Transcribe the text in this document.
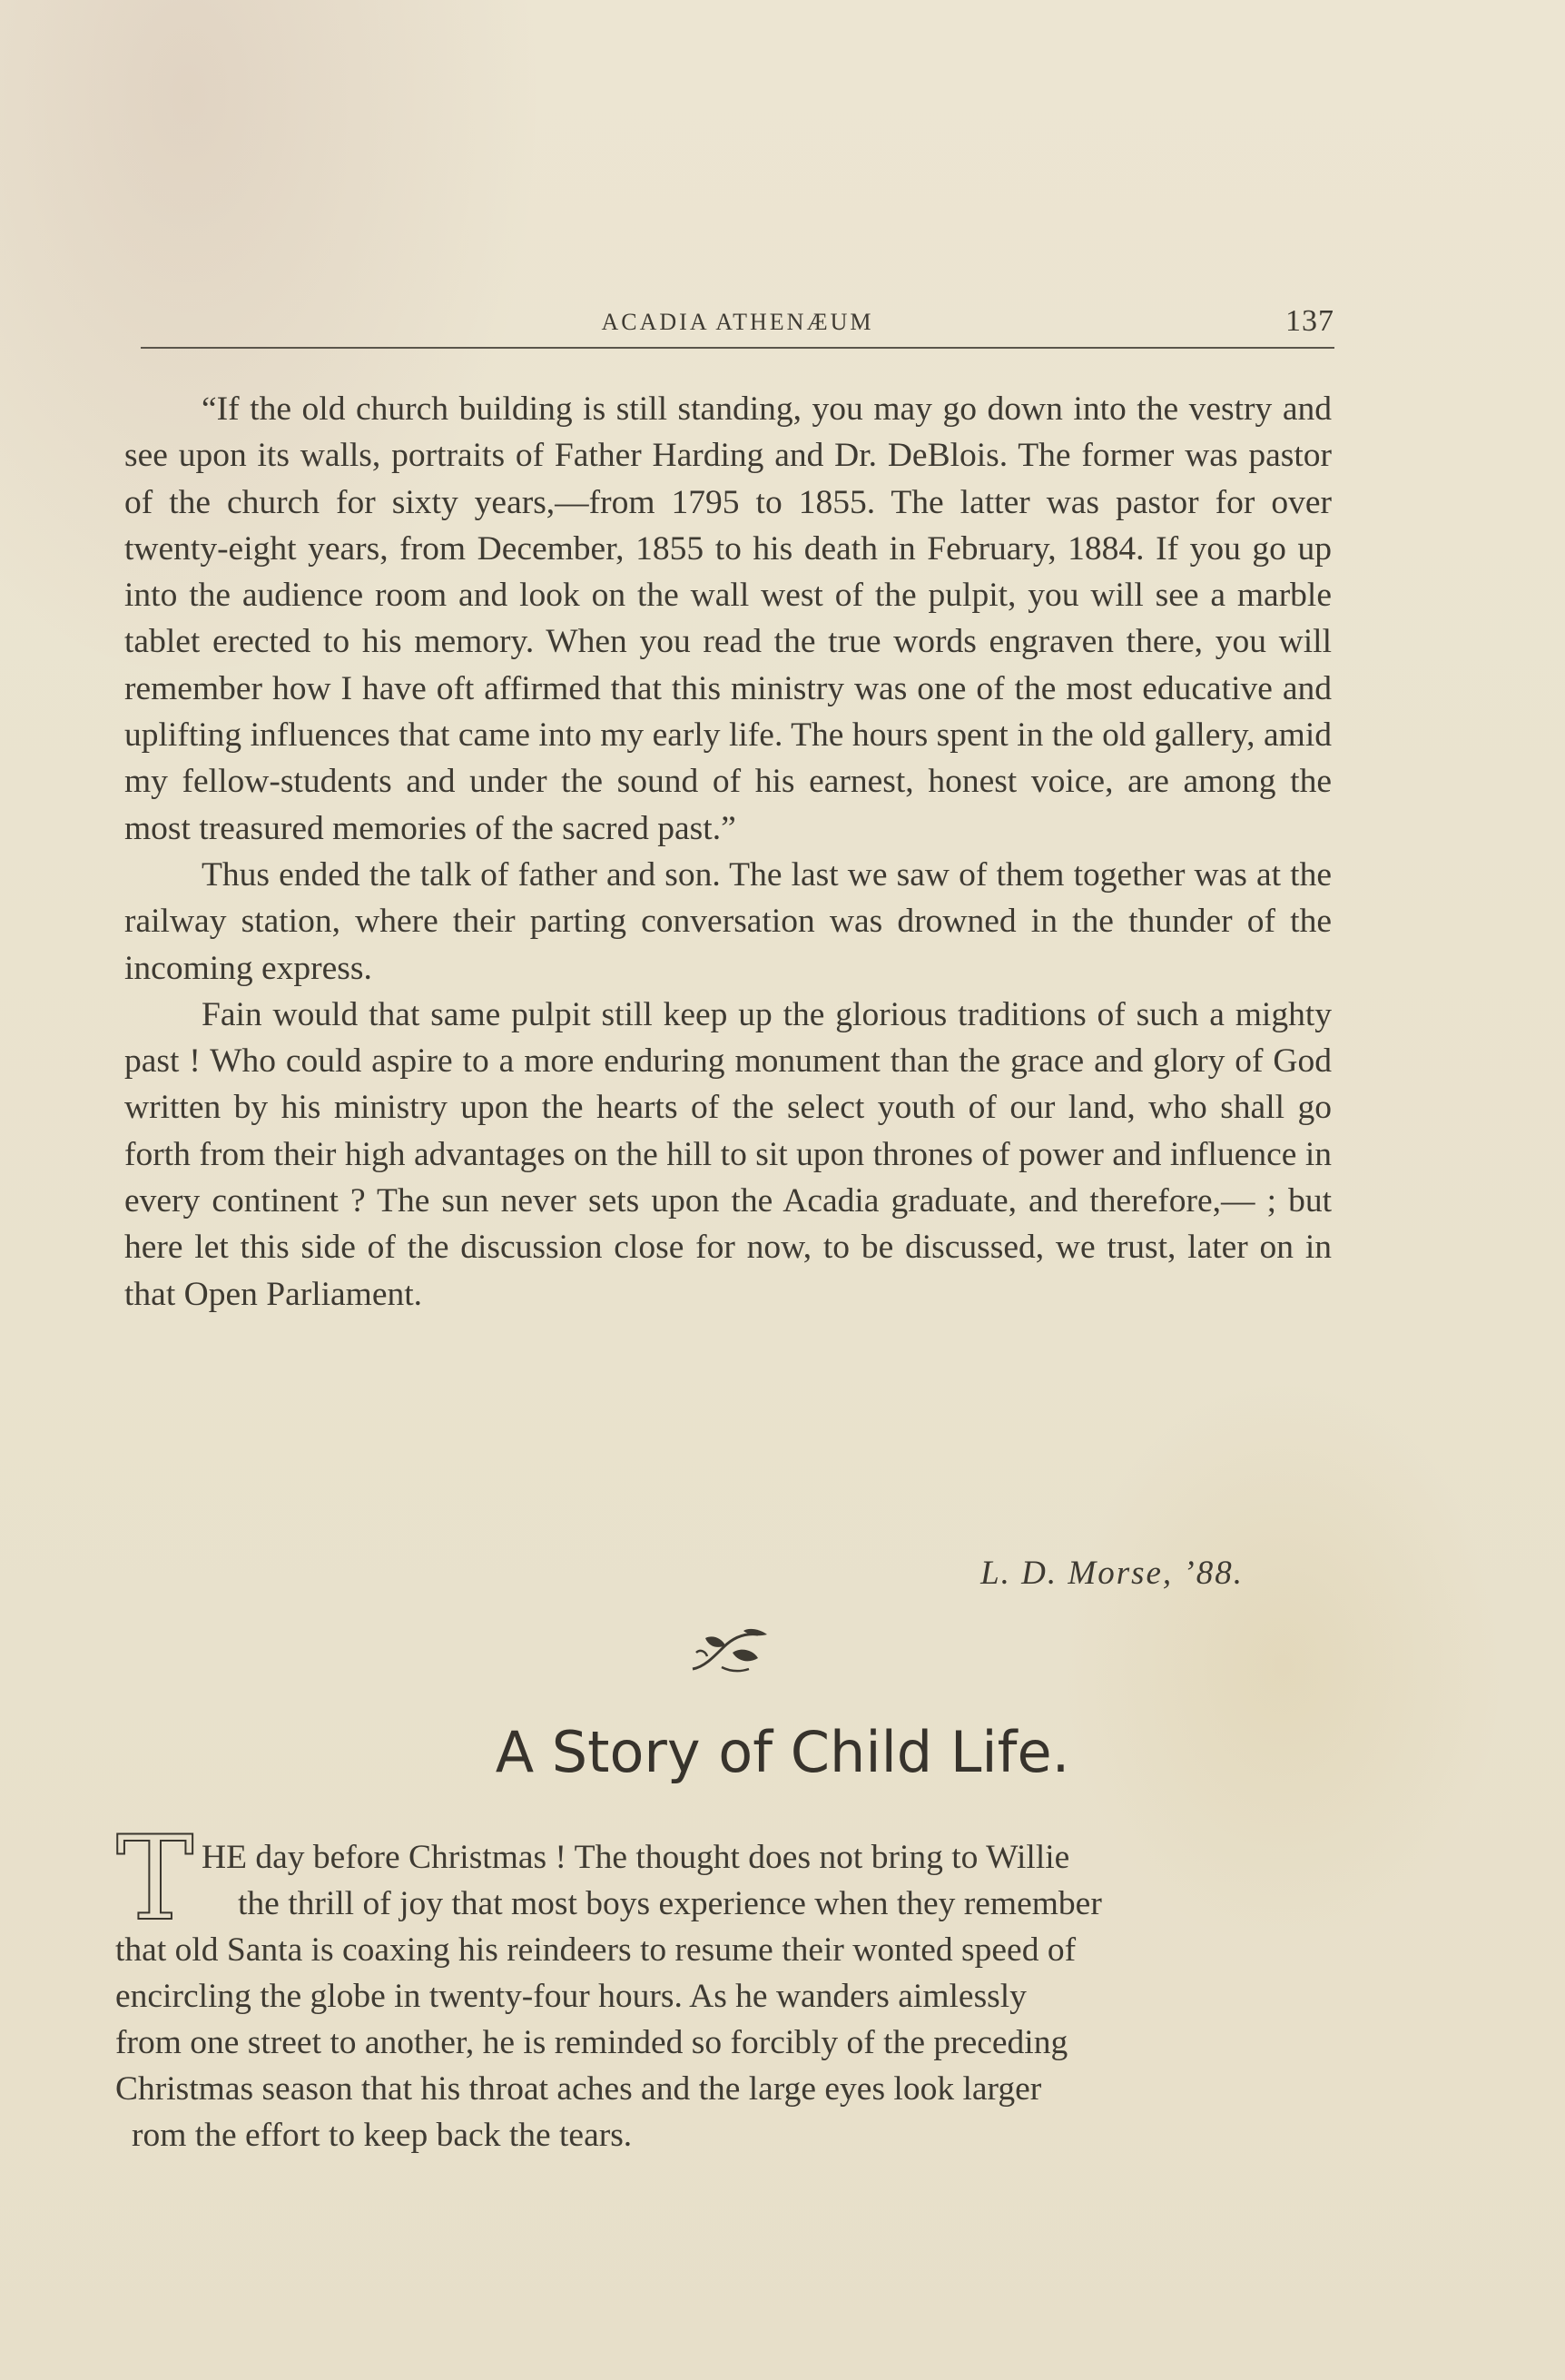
ACADIA ATHENÆUM	137

“If the old church building is still standing, you may go down into the vestry and see upon its walls, portraits of Father Harding and Dr. DeBlois. The former was pastor of the church for sixty years,—from 1795 to 1855. The latter was pastor for over twenty-eight years, from December, 1855 to his death in February, 1884. If you go up into the audience room and look on the wall west of the pulpit, you will see a marble tablet erected to his memory. When you read the true words engraven there, you will remember how I have oft affirmed that this ministry was one of the most educative and uplifting influences that came into my early life. The hours spent in the old gallery, amid my fellow-students and under the sound of his earnest, honest voice, are among the most treasured memories of the sacred past.”

Thus ended the talk of father and son. The last we saw of them together was at the railway station, where their parting conversation was drowned in the thunder of the incoming express.

Fain would that same pulpit still keep up the glorious traditions of such a mighty past ! Who could aspire to a more enduring monument than the grace and glory of God written by his ministry upon the hearts of the select youth of our land, who shall go forth from their high advantages on the hill to sit upon thrones of power and influence in every continent ? The sun never sets upon the Acadia graduate, and therefore,— ; but here let this side of the discussion close for now, to be discussed, we trust, later on in that Open Parliament.

L. D. Morse, ’88.
A Story of Child Life.
T HE day before Christmas ! The thought does not bring to Willie
the thrill of joy that most boys experience when they remember
that old Santa is coaxing his reindeers to resume their wonted speed of
encircling the globe in twenty-four hours. As he wanders aimlessly
from one street to another, he is reminded so forcibly of the preceding
Christmas season that his throat aches and the large eyes look larger
rom the effort to keep back the tears.
